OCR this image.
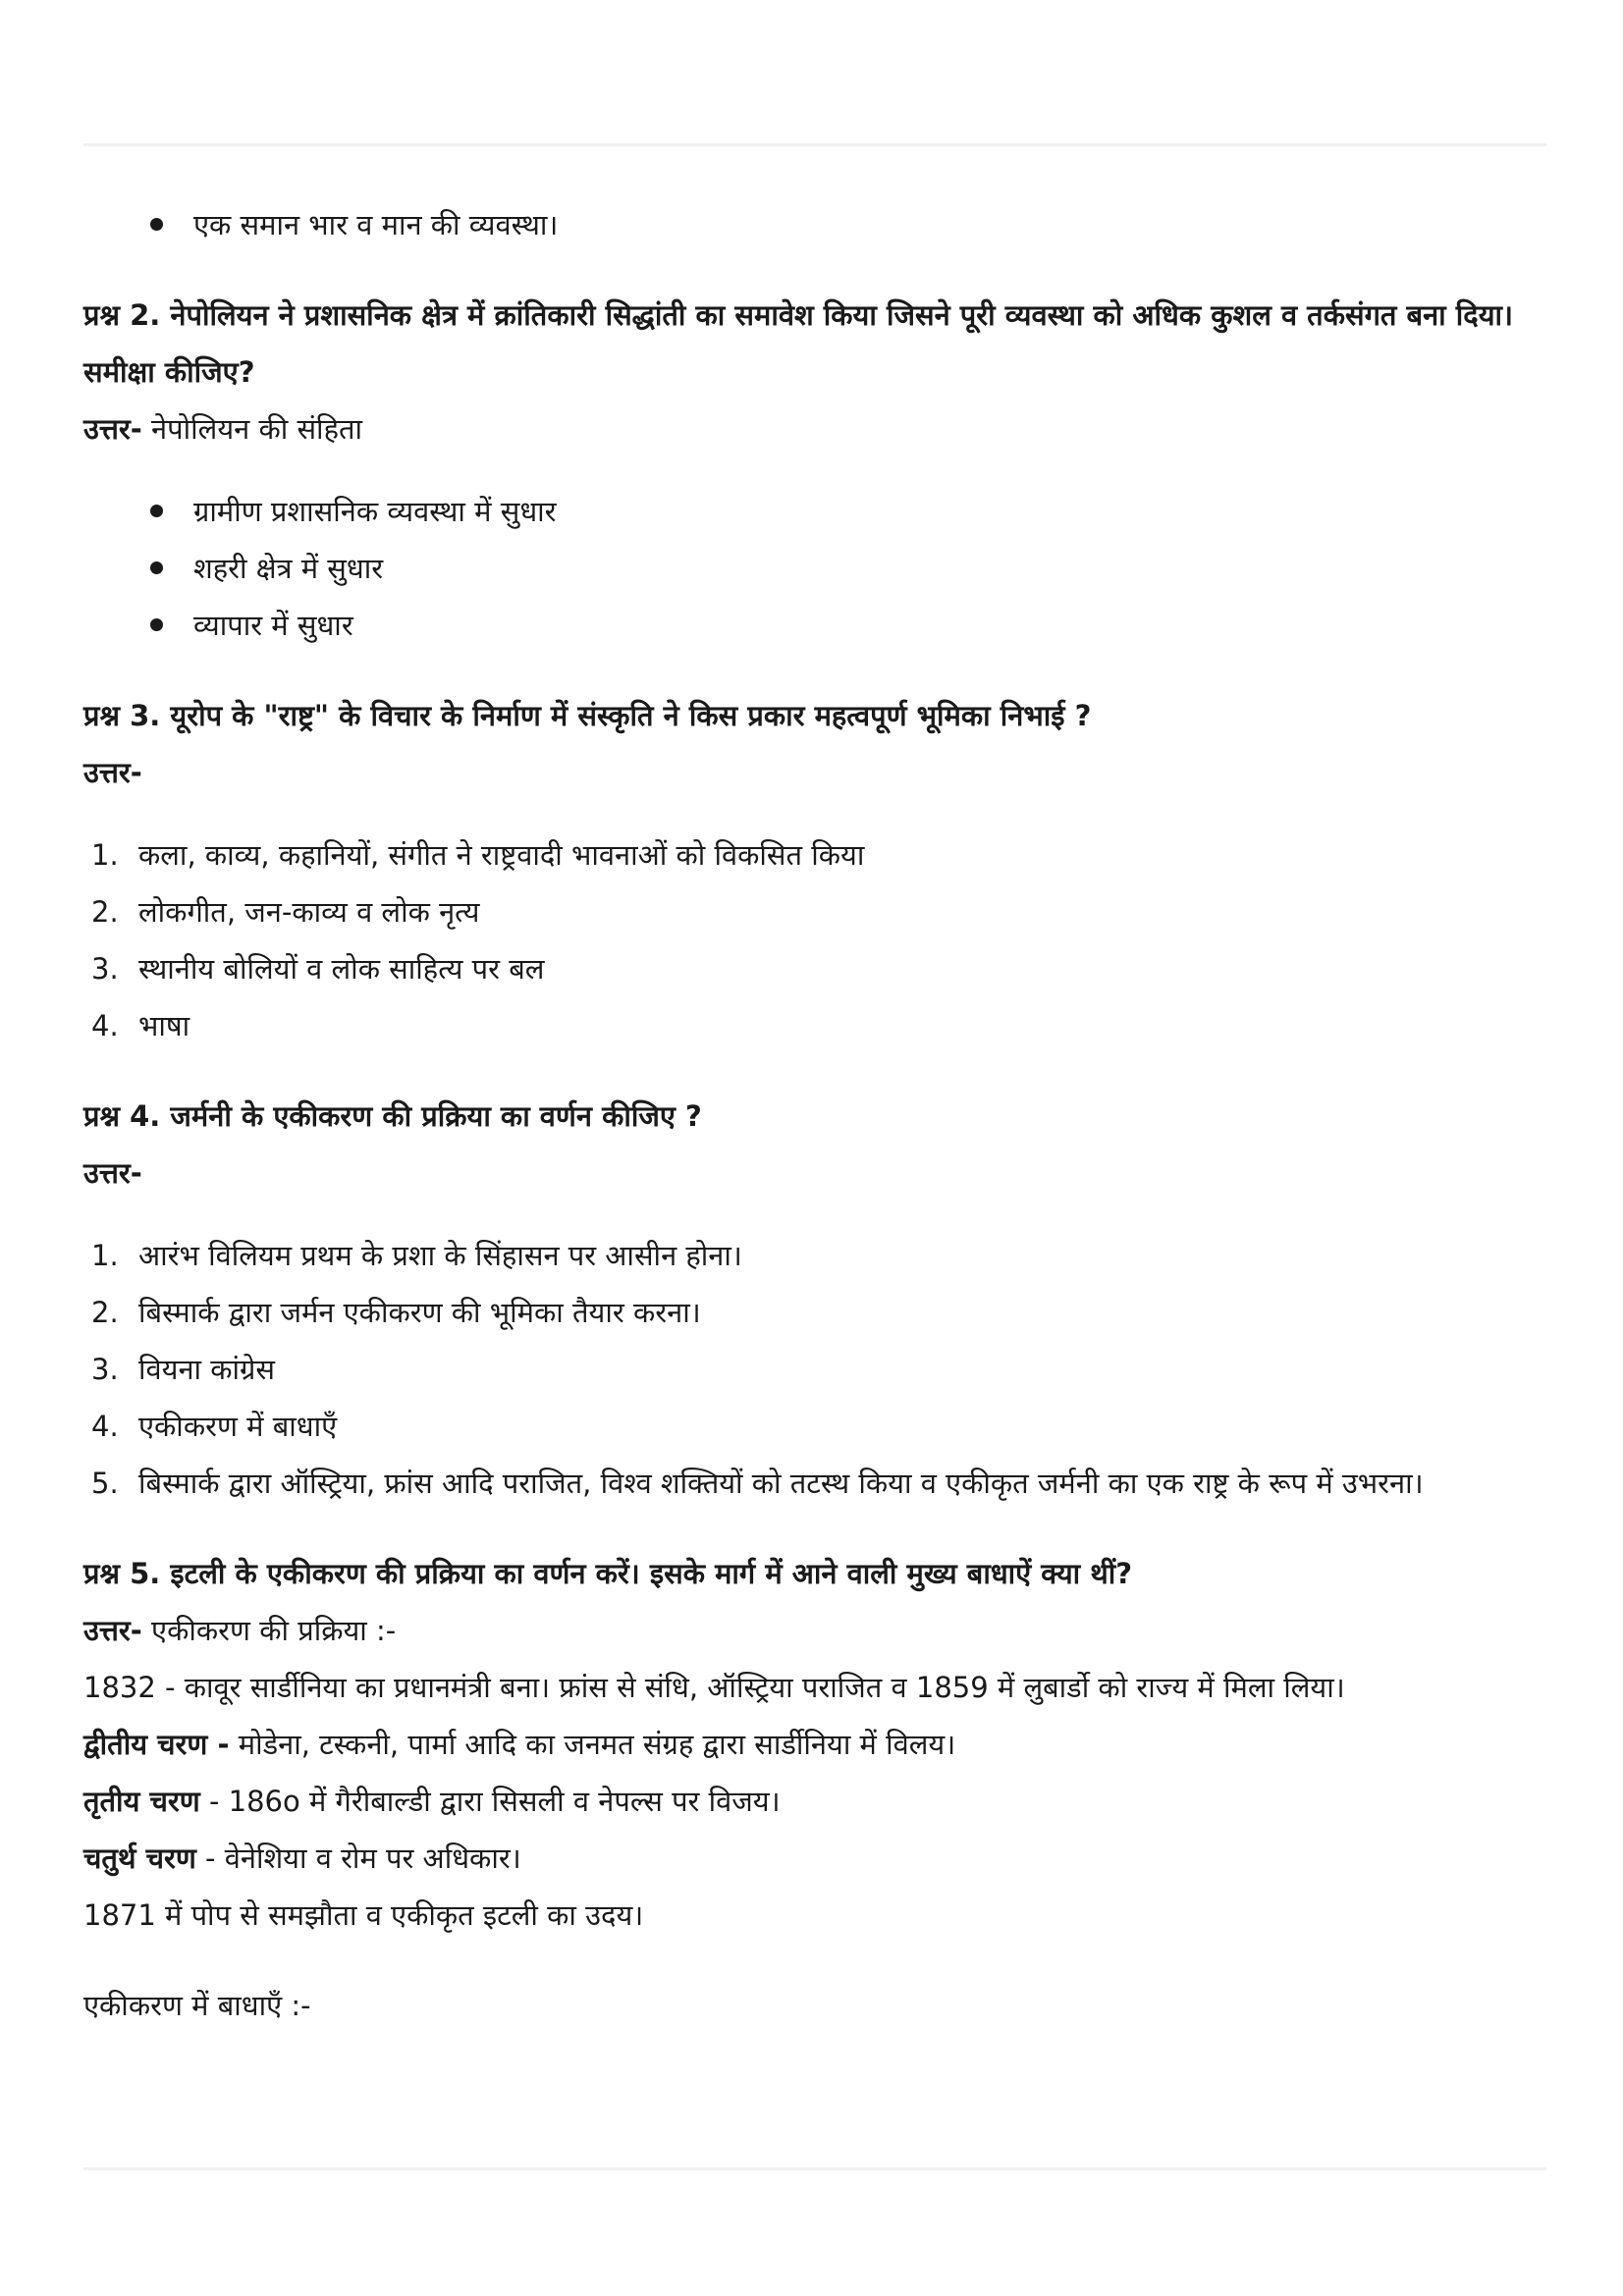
एक समान भार व मान की व्यवस्था।

प्रश्न 2. नेपोलियन ने प्रशासनिक क्षेत्र में क्रांतिकारी सिद्धांती का समावेश किया जिसने पूरी व्यवस्था को अधिक कुशल व तर्कसंगत बना दिया। समीक्षा कीजिए?

उत्तर- नेपोलियन की संहिता

ग्रामीण प्रशासनिक व्यवस्था में सुधार
शहरी क्षेत्र में सुधार
व्यापार में सुधार

प्रश्न 3. यूरोप के "राष्ट्र" के विचार के निर्माण में संस्कृति ने किस प्रकार महत्वपूर्ण भूमिका निभाई ?

उत्तर-

1. कला, काव्य, कहानियों, संगीत ने राष्ट्रवादी भावनाओं को विकसित किया
2. लोकगीत, जन-काव्य व लोक नृत्य
3. स्थानीय बोलियों व लोक साहित्य पर बल
4. भाषा

प्रश्न 4. जर्मनी के एकीकरण की प्रक्रिया का वर्णन कीजिए ?

उत्तर-

1. आरंभ विलियम प्रथम के प्रशा के सिंहासन पर आसीन होना।
2. बिस्मार्क द्वारा जर्मन एकीकरण की भूमिका तैयार करना।
3. वियना कांग्रेस
4. एकीकरण में बाधाएँ
5. बिस्मार्क द्वारा ऑस्ट्रिया, फ्रांस आदि पराजित, विश्व शक्तियों को तटस्थ किया व एकीकृत जर्मनी का एक राष्ट्र के रूप में उभरना।

प्रश्न 5. इटली के एकीकरण की प्रक्रिया का वर्णन करें। इसके मार्ग में आने वाली मुख्य बाधाऐं क्या थीं?

उत्तर- एकीकरण की प्रक्रिया :-

1832 - कावूर सार्डीनिया का प्रधानमंत्री बना। फ्रांस से संधि, ऑस्ट्रिया पराजित व 1859 में लुबार्डो को राज्य में मिला लिया।

द्वीतीय चरण - मोडेना, टस्कनी, पार्मा आदि का जनमत संग्रह द्वारा सार्डीनिया में विलय।

तृतीय चरण - 186o में गैरीबाल्डी द्वारा सिसली व नेपल्स पर विजय।

चतुर्थ चरण - वेनेशिया व रोम पर अधिकार।

1871 में पोप से समझौता व एकीकृत इटली का उदय।

एकीकरण में बाधाएँ :-
